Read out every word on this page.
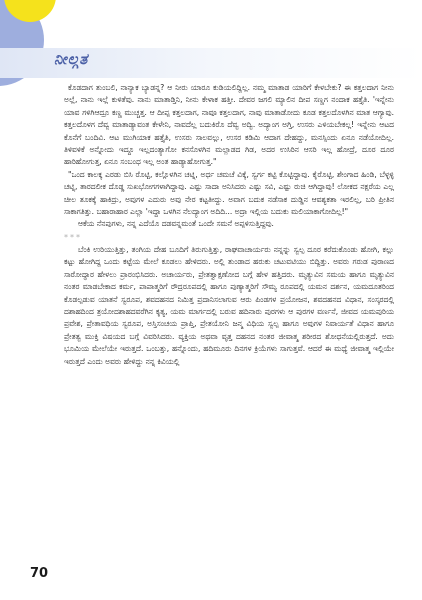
ನೀಲ್ಗತ

ಕೊಡದಾಗ ತುಂಬಲಿ, ನಾನ್ಯಾಕ ಬ್ಯಾಡನ್ನ? ಆ ನೀರು ಯಾರೂ ಕುಡಿಯಲಿದ್ದಿಲ್ಲ. ನಮ್ಮ ಮಾತಾಡ ಯಾರಿಗೆ ಕೇಳಬೇಕು? ಈ ಕತ್ತಲದಾಗ ನೀನು ಅಲ್ಲೆ, ನಾನು ಇಲ್ಲೆ ಕುಳಿತೆವು. ನಾನು ಮಾತಾಡ್ತಿನಿ, ನೀನು ಕೇಳಾಕ ಹತ್ತೀ. ದೇವರ ಜಗಲಿ ಮ್ಯಾಲಿನ ದೀಪ ಸಣ್ಣಗ ನಂದಾಕ ಹತ್ತೈತಿ. 'ಇನ್ನೇನು ಯಾವ ಗಳಿಗಿಆದ್ರೂ ಕಣ್ಣ ಮುಚ್ಚತ್ತ. ಆ ದೀಪ್ಪ ಕತ್ತಲದಾಗ, ನಾವೂ ಕತ್ತಲದಾಗ, ನಾವು ಮಾತಾಡೋದು ಕೂಡ ಕತ್ತಲದೊಳಗಿನ ಮಾತ ಆಗ್ಯಾವು. ಕತ್ತಲದೊಳಗ ದೆವ್ವ ಮಾತಾಡ್ಯಾವಂತ ಕೇಳೇನಿ, ನಾವದೆಲ್ಲ ಬದುಕಿರೊ ದೆವ್ವ ಅದ್ವಿ. ಅದ್ಯಾಂಗ ಅಗ್ತಿ, ಉಸರು ಎಳಿಯಬೇಕಲ್ಲ! ಇನ್ನೇನು ಆಟದ ಕೊನೆಗೆ ಬಂದಿವಿ. ಆಟ ಮುಗಿಯಾಕ ಹತ್ತೈತಿ, ಉಸರು ಸಾಲವಲ್ಲು, ಉಸರ ಕಡಿಮಿ ಆದಾಗ ದೇಹದ್ದು, ಮನಸ್ಸಿಂದು ಏನೂ ನಡೆಯೋದಿಲ್ಲ. ತಿಳಿವಳಿಕೆ ಅನ್ನೋದು ಇದ್ದೂ ಇಲ್ಲದಂತ್ಯಾಗೋ ಕನಸೊಳಗಿನ ಮಲ್ಲಾಡದ ಗಿಡ, ಅದರ ಉಸಿರಿನ ಆಸರಿ ಇಲ್ಲ ಹೋದ್ರೆ, ದೂರ ದೂರ ಹಾರಿಹೋಗುತ್ತ, ಏನೂ ಸಂಬಂಧ ಇಲ್ಲ ಅಂತ ಹಾಡ್ಯಾಹೋಗುತ್ತ."

"ಒಂದ ಕಾಲಕ್ಕ ಎರಡು ಬಿಸಿ ರೊಟ್ಟಿ, ಕಲ್ಲೊಳಗಿನ ಚಟ್ನಿ, ಅರ್ಧ ಚಮಚೆ ವಿಕ್ಕೆ, ಸ್ವರ್ಗ ಕಟ್ಟಿ ಕೊಟ್ಟಿದ್ದಾವು. ಕೈರೊಟ್ಟಿ, ಶೇಂಗಾದ ಹಿಂಡಿ, ಬೆಳ್ಳಳ್ಳಿ ಚಟ್ನಿ, ತಾರದಲೀಕ ದೊಡ್ಡ ಸುಖಭೋಗಗಳಾಗಿದ್ದಾವು. ಎಷ್ಟು ಸಾದಾ ಅನಿಸಿದರು ಎಷ್ಟು ಸವಿ, ಎಷ್ಟು ರುಚಿ ಆಗಿದ್ದಾವು! ಲೋಕದ ನಕ್ಷರೆಯ ಎಲ್ಲ ಚೀಲ ತೂಕಕ್ಕೆ ಹಾಕಿದ್ರು, ಅವುಗಳ ಎದುರು ಅವು ನೇರ ಕಟ್ಟತೀದ್ದು. ಅವಾಗ ಬದುಕ ನಡೆಸಾಕ ದುಡ್ಡಿನ ಆವಶ್ಯಕತಾ ಇರಲಿಲ್ಲ, ಬರಿ ಪ್ರೀತಿನ ಸಾಕಾಗತಿತ್ತು. ಬಹಾರಾಹಾರ ಎಲ್ಲಾ 'ಇದ್ದಾ ಒಳಗಿನ ನೆಲದ್ಯಾಂಗ ಅದಿದಿ... ಅದ್ರಾ ಇಲ್ಲಿಯ ಬದುಕು ಮಲಿಯಾಕಾಗೋದಿಲ್ಲ!"

ಆಕೆಯ ನೆನಪುಗಳು, ನನ್ನ ಎದೆಯೊ ದಡವನ್ನಮಂತೆ ಒಂದೇ ಸಮನೆ ಅಪ್ಪಳಿಸುತ್ತಿದ್ದವು.

***

ಬೆಂಕಿ ಉರಿಯುತ್ತಿತ್ತು, ತಂಗಿಯ ದೇಹ ಬೂದಿಗೆ ತಿರುಗುತ್ತಿತ್ತು, ರಾಘವಾಚಾರ್ಯರು ನನ್ನನ್ನು ಸ್ವಲ್ಪ ದೂರ ಕರೆದುಕೊಂಡು ಹೋಗಿ, ಕಲ್ಲು ಕಟ್ಟು ಹೋಗಿದ್ದ ಒಂದು ಕಟ್ಟೆಯ ಮೇಲೆ ಕೂಡಲು ಹೇಳಿದರು. ಅಲ್ಲಿ ತುಂಡಾದ ಹರುಕು ಚಟುವಟಿಯು ಬಿದ್ದಿತ್ತು. ಅವರು ಗರುಡ ಪುರಾಣದ ಸಾರೋದ್ಧಾರ ಹೇಳಲು ಪ್ರಾರಂಭಿಸಿದರು. ಅಚಾರ್ಯರು, ಪ್ರೇತತ್ವಾಕ್ಷಣೋದ ಬಗ್ಗೆ ಹೇಳ ಹತ್ತಿದರು. ಮೃತ್ಯುವಿನ ಸಮಯ ಹಾಗೂ ಮೃತ್ಯುವಿನ ನಂತರ ಮಾಡಬೇಕಾದ ಕರ್ಮ, ಪಾಪಾತ್ಮರಿಗೆ ರೌದ್ರರೂಪದಲ್ಲಿ ಹಾಗೂ ಪುಣ್ಯಾತ್ಮರಿಗೆ ಸೌಮ್ಯ ರೂಪದಲ್ಲಿ ಯಮನ ದರ್ಶನ, ಯಮದೂತರಿಂದ ಕೊಡಲ್ಪಡುವ ಯಾತನೆ ಸ್ವರೂಪ, ಶವದಹನದ ನಿಮಿತ್ತ ಪ್ರದಾನಿಸಲಾಗುವ ಆರು ಪಿಂಡಗಳ ಪ್ರಯೋಜನ, ಶವದಹನದ ವಿಧಾನ, ಸಂಸ್ಕರದಲ್ಲಿ ದಶಾಹದಿಂದ ತ್ರಯೋದಶಾಹದವರೆಗಿನ ಕೃತ್ಯ, ಯಮ ಮಾರ್ಗದಲ್ಲಿ ಬರುವ ಹದಿನಾರು ಪುರಗಳು ಆ ಪುರಗಳ ವರ್ಣನೆ, ಜೀವದ ಯಮಪುರಿಯ ಪ್ರವೇಶ, ಪ್ರೇತಾವಧಿಯ ಸ್ವರೂಪ, ಅಸ್ತಿಸಂಚಯ ಪ್ರಾಪ್ತಿ, ಪ್ರೇತಯೋನಿ ಜನ್ಮ ವಿಧಿಯ ಸ್ವಲ್ಪ ಹಾಗೂ ಅವುಗಳ ನಿವಾರ್ಯತೆ ವಿಧಾನ ಹಾಗೂ ಪ್ರೇತತ್ವ ಮುಕ್ತಿ ವಿಷಯದ ಬಗ್ಗೆ ವಿವರಿಸಿದರು. ವ್ಯಕ್ತಿಯ ಅಥವಾ ವೃತ್ತ ದಹನದ ನಂತರ ಜೀವಾತ್ಮ ಶರೀರದ ಶೋಧನೆಯಲ್ಲಿರುತ್ತದೆ. ಅದು ಭೂಮಿಯ ಮೇಲೆಯೇ ಇರುತ್ತದೆ. ಒಂಬತ್ತು, ಹನ್ನೊಂದು, ಹದಿಮೂರು ದಿನಗಳ ಕ್ರಿಯೆಗಳು ಸಾಗುತ್ತವೆ. ಆದರೆ ಈ ಮಧ್ಯೆ ಜೀವಾತ್ಮ ಇಲ್ಲಿಯೇ ಇರುತ್ತದೆ ಎಂದು ಅವರು ಹೇಳಿದ್ದು ನನ್ನ ಕಿವಿಯಲ್ಲಿ

70
